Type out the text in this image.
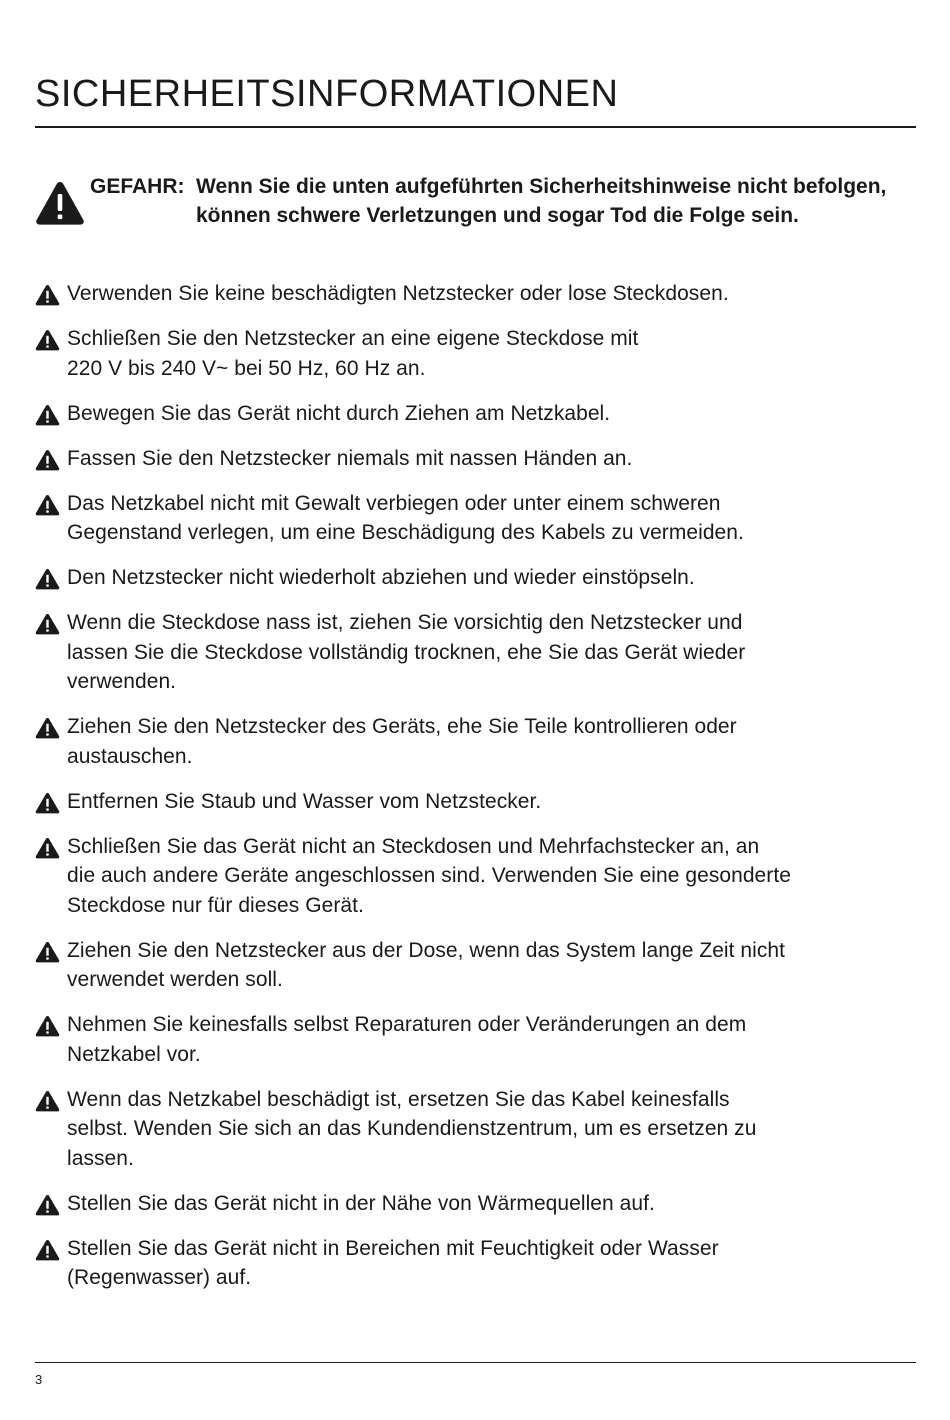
SICHERHEITSINFORMATIONEN
GEFAHR: Wenn Sie die unten aufgeführten Sicherheitshinweise nicht befolgen, können schwere Verletzungen und sogar Tod die Folge sein.
Verwenden Sie keine beschädigten Netzstecker oder lose Steckdosen.
Schließen Sie den Netzstecker an eine eigene Steckdose mit
220 V bis 240 V~ bei 50 Hz, 60 Hz an.
Bewegen Sie das Gerät nicht durch Ziehen am Netzkabel.
Fassen Sie den Netzstecker niemals mit nassen Händen an.
Das Netzkabel nicht mit Gewalt verbiegen oder unter einem schweren
Gegenstand verlegen, um eine Beschädigung des Kabels zu vermeiden.
Den Netzstecker nicht wiederholt abziehen und wieder einstöpseln.
Wenn die Steckdose nass ist, ziehen Sie vorsichtig den Netzstecker und
lassen Sie die Steckdose vollständig trocknen, ehe Sie das Gerät wieder
verwenden.
Ziehen Sie den Netzstecker des Geräts, ehe Sie Teile kontrollieren oder
austauschen.
Entfernen Sie Staub und Wasser vom Netzstecker.
Schließen Sie das Gerät nicht an Steckdosen und Mehrfachstecker an, an
die auch andere Geräte angeschlossen sind. Verwenden Sie eine gesonderte
Steckdose nur für dieses Gerät.
Ziehen Sie den Netzstecker aus der Dose, wenn das System lange Zeit nicht
verwendet werden soll.
Nehmen Sie keinesfalls selbst Reparaturen oder Veränderungen an dem
Netzkabel vor.
Wenn das Netzkabel beschädigt ist, ersetzen Sie das Kabel keinesfalls
selbst. Wenden Sie sich an das Kundendienstzentrum, um es ersetzen zu
lassen.
Stellen Sie das Gerät nicht in der Nähe von Wärmequellen auf.
Stellen Sie das Gerät nicht in Bereichen mit Feuchtigkeit oder Wasser
(Regenwasser) auf.
3
